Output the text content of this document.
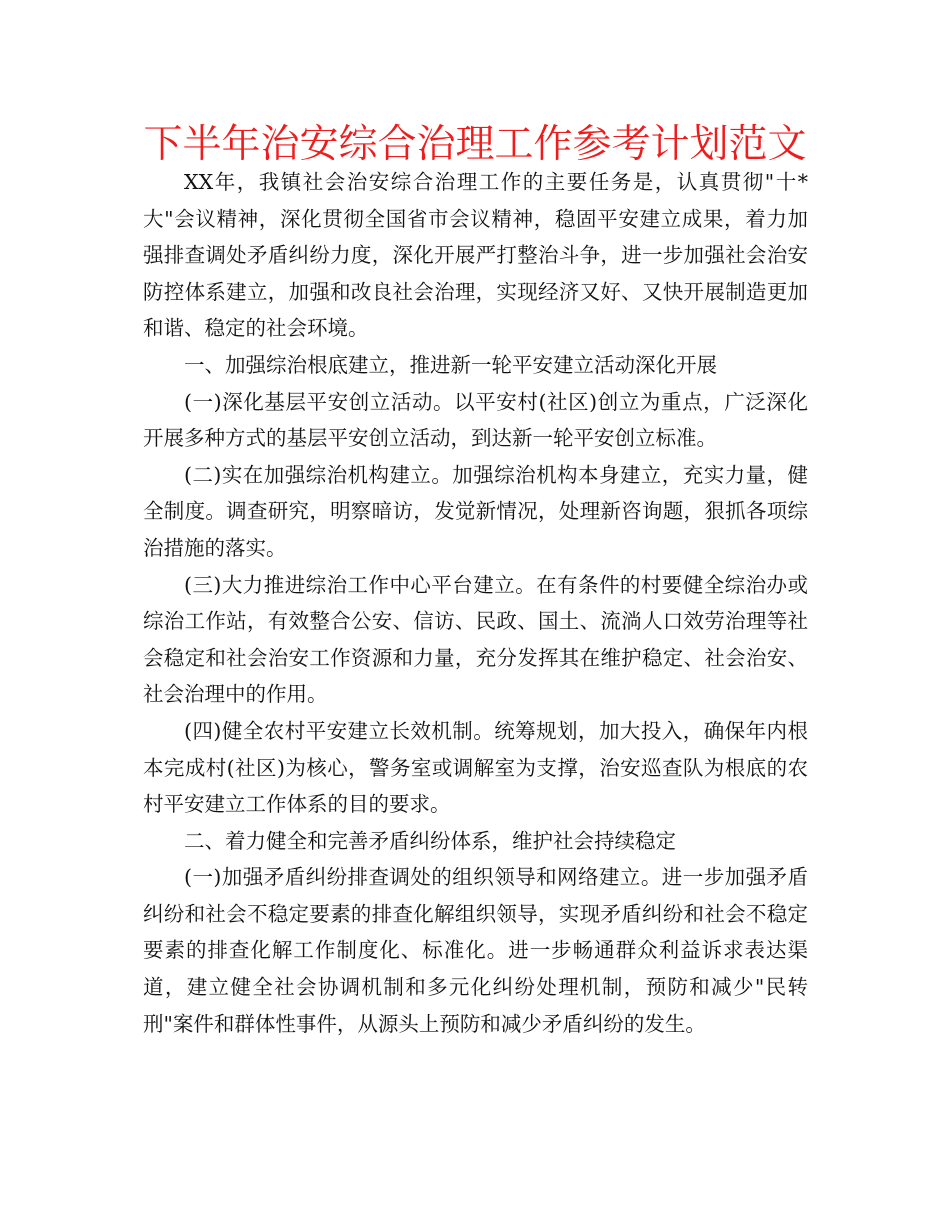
下半年治安综合治理工作参考计划范文

XX年，我镇社会治安综合治理工作的主要任务是，认真贯彻"十*大"会议精神，深化贯彻全国省市会议精神，稳固平安建立成果，着力加强排查调处矛盾纠纷力度，深化开展严打整治斗争，进一步加强社会治安防控体系建立，加强和改良社会治理，实现经济又好、又快开展制造更加和谐、稳定的社会环境。

一、加强综治根底建立，推进新一轮平安建立活动深化开展

(一)深化基层平安创立活动。以平安村(社区)创立为重点，广泛深化开展多种方式的基层平安创立活动，到达新一轮平安创立标准。

(二)实在加强综治机构建立。加强综治机构本身建立，充实力量，健全制度。调查研究，明察暗访，发觉新情况，处理新咨询题，狠抓各项综治措施的落实。

(三)大力推进综治工作中心平台建立。在有条件的村要健全综治办或综治工作站，有效整合公安、信访、民政、国土、流淌人口效劳治理等社会稳定和社会治安工作资源和力量，充分发挥其在维护稳定、社会治安、社会治理中的作用。

(四)健全农村平安建立长效机制。统筹规划，加大投入，确保年内根本完成村(社区)为核心，警务室或调解室为支撑，治安巡查队为根底的农村平安建立工作体系的目的要求。

二、着力健全和完善矛盾纠纷体系，维护社会持续稳定

(一)加强矛盾纠纷排查调处的组织领导和网络建立。进一步加强矛盾纠纷和社会不稳定要素的排查化解组织领导，实现矛盾纠纷和社会不稳定要素的排查化解工作制度化、标准化。进一步畅通群众利益诉求表达渠道，建立健全社会协调机制和多元化纠纷处理机制，预防和减少"民转刑"案件和群体性事件，从源头上预防和减少矛盾纠纷的发生。
